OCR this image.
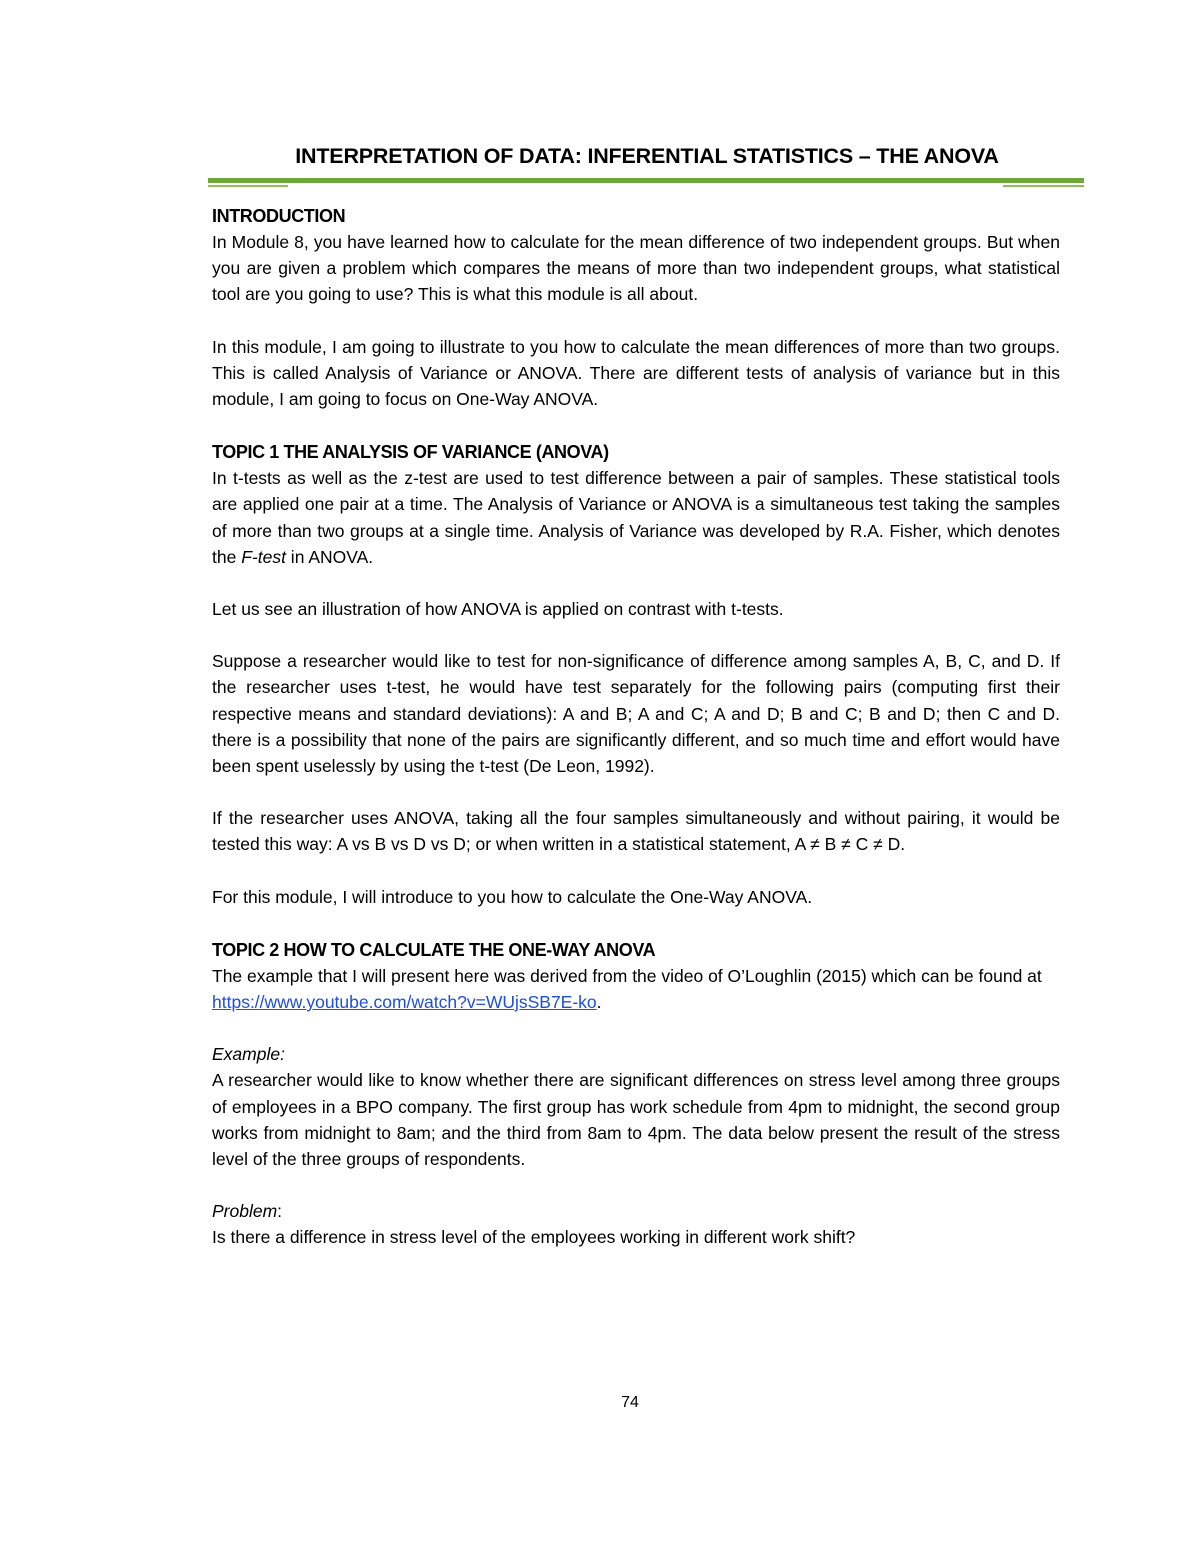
INTERPRETATION OF DATA: INFERENTIAL STATISTICS – THE ANOVA
INTRODUCTION

In Module 8, you have learned how to calculate for the mean difference of two independent groups. But when you are given a problem which compares the means of more than two independent groups, what statistical tool are you going to use? This is what this module is all about.

In this module, I am going to illustrate to you how to calculate the mean differences of more than two groups. This is called Analysis of Variance or ANOVA. There are different tests of analysis of variance but in this module, I am going to focus on One-Way ANOVA.

TOPIC 1 THE ANALYSIS OF VARIANCE (ANOVA)

In t-tests as well as the z-test are used to test difference between a pair of samples. These statistical tools are applied one pair at a time. The Analysis of Variance or ANOVA is a simultaneous test taking the samples of more than two groups at a single time. Analysis of Variance was developed by R.A. Fisher, which denotes the F-test in ANOVA.

Let us see an illustration of how ANOVA is applied on contrast with t-tests.

Suppose a researcher would like to test for non-significance of difference among samples A, B, C, and D. If the researcher uses t-test, he would have test separately for the following pairs (computing first their respective means and standard deviations): A and B; A and C; A and D; B and C; B and D; then C and D. there is a possibility that none of the pairs are significantly different, and so much time and effort would have been spent uselessly by using the t-test (De Leon, 1992).

If the researcher uses ANOVA, taking all the four samples simultaneously and without pairing, it would be tested this way: A vs B vs D vs D; or when written in a statistical statement, A ≠ B ≠ C ≠ D.

For this module, I will introduce to you how to calculate the One-Way ANOVA.

TOPIC 2 HOW TO CALCULATE THE ONE-WAY ANOVA

The example that I will present here was derived from the video of O’Loughlin (2015) which can be found at https://www.youtube.com/watch?v=WUjsSB7E-ko.

Example:

A researcher would like to know whether there are significant differences on stress level among three groups of employees in a BPO company. The first group has work schedule from 4pm to midnight, the second group works from midnight to 8am; and the third from 8am to 4pm. The data below present the result of the stress level of the three groups of respondents.

Problem:

Is there a difference in stress level of the employees working in different work shift?

74
